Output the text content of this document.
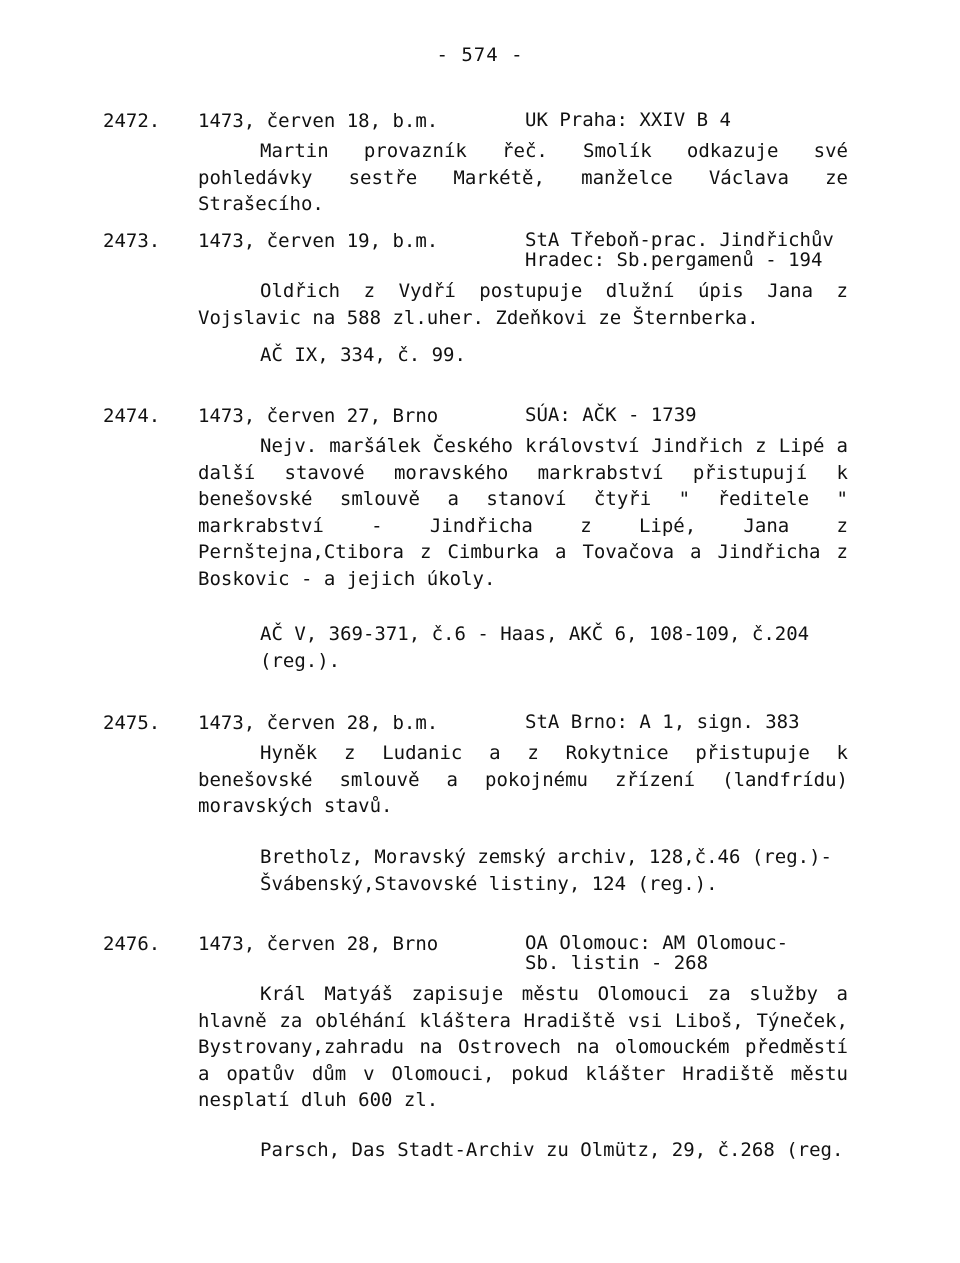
- 574 -
2472. 1473, červen 18, b.m.	UK Praha: XXIV B 4
Martin provazník řeč. Smolík odkazuje své pohledávky sestře Markétě, manželce Václava ze Strašecího.
2473. 1473, červen 19, b.m.	StA Třeboň-prac. Jindřichův Hradec: Sb.pergamenů - 194
Oldřich z Vydří postupuje dlužní úpis Jana z Vojslavic na 588 zl.uher. Zdeňkovi ze Šternberka.
AČ IX, 334, č. 99.
2474. 1473, červen 27, Brno	SÚA: AČK - 1739
Nejv. maršálek Českého království Jindřich z Lipé a další stavové moravského markrabství přistupují k benešovské smlouvě a stanoví čtyři " ředitele " markrabství - Jindřicha z Lipé, Jana z Pernštejna,Ctibora z Cimburka a Tovačova a Jindřicha z Boskovic - a jejich úkoly.
AČ V, 369-371, č.6 - Haas, AKČ 6, 108-109, č.204 (reg.).
2475. 1473, červen 28, b.m.	StA Brno: A 1, sign. 383
Hyněk z Ludanic a z Rokytnice přistupuje k benešovské smlouvě a pokojnému zřízení (landfrídu) moravských stavů.
Bretholz, Moravský zemský archiv, 128,č.46 (reg.)- Švábenský,Stavovské listiny, 124 (reg.).
2476. 1473, červen 28, Brno	OA Olomouc: AM Olomouc- Sb. listin - 268
Král Matyáš zapisuje městu Olomouci za služby a hlavně za obléhání kláštera Hradiště vsi Liboš, Týneček, Bystrovany,zahradu na Ostrovech na olomouckém předměstí a opatův dům v Olomouci, pokud klášter Hradiště městu nesplatí dluh 600 zl.
Parsch, Das Stadt-Archiv zu Olmütz, 29, č.268 (reg.
